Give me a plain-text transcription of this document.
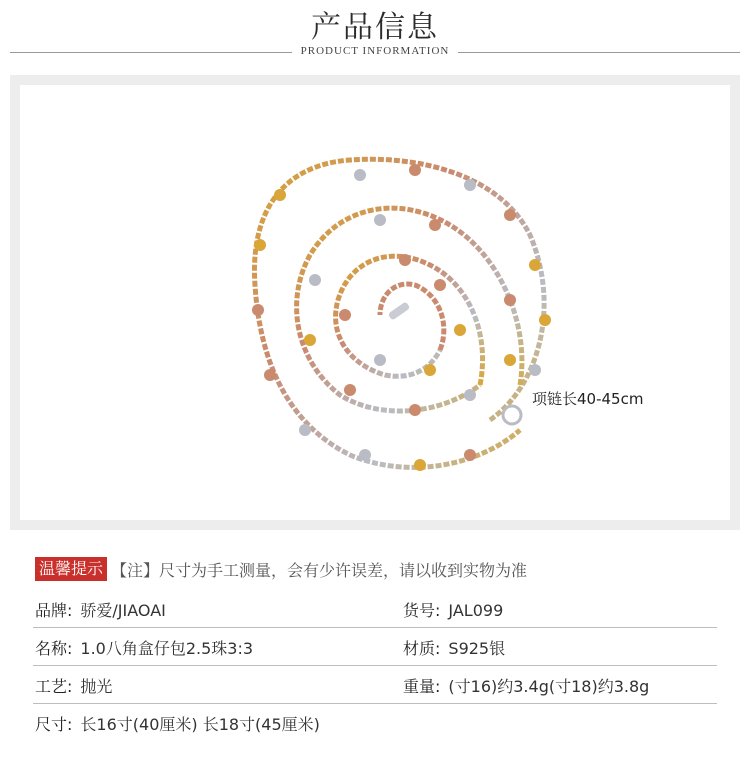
产品信息
PRODUCT INFORMATION
项链长40-45cm
温馨提示 【注】尺寸为手工测量，会有少许误差，请以收到实物为准
品牌: 骄爱/JIAOAI	货号: JAL099
名称: 1.0八角盒仔包2.5珠3:3	材质: S925银
工艺: 抛光	重量: (寸16)约3.4g(寸18)约3.8g
尺寸: 长16寸(40厘米) 长18寸(45厘米)
